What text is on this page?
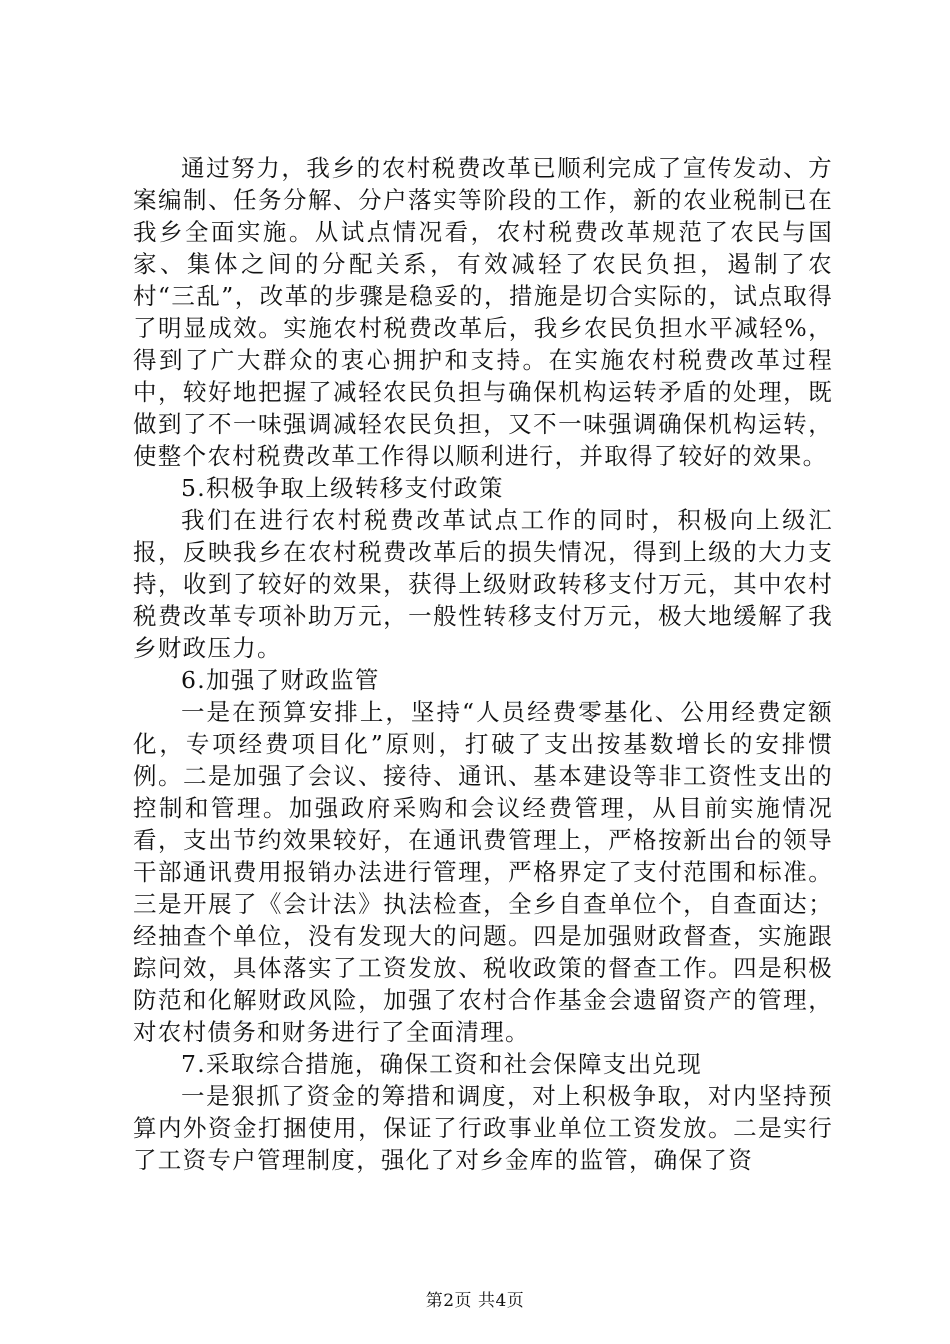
通过努力，我乡的农村税费改革已顺利完成了宣传发动、方案编制、任务分解、分户落实等阶段的工作，新的农业税制已在我乡全面实施。从试点情况看，农村税费改革规范了农民与国家、集体之间的分配关系，有效减轻了农民负担，遏制了农村“三乱”，改革的步骤是稳妥的，措施是切合实际的，试点取得了明显成效。实施农村税费改革后，我乡农民负担水平减轻%，得到了广大群众的衷心拥护和支持。在实施农村税费改革过程中，较好地把握了减轻农民负担与确保机构运转矛盾的处理，既做到了不一味强调减轻农民负担，又不一味强调确保机构运转，使整个农村税费改革工作得以顺利进行，并取得了较好的效果。

5.积极争取上级转移支付政策

我们在进行农村税费改革试点工作的同时，积极向上级汇报，反映我乡在农村税费改革后的损失情况，得到上级的大力支持，收到了较好的效果，获得上级财政转移支付万元，其中农村税费改革专项补助万元，一般性转移支付万元，极大地缓解了我乡财政压力。

6.加强了财政监管

一是在预算安排上，坚持“人员经费零基化、公用经费定额化，专项经费项目化”原则，打破了支出按基数增长的安排惯例。二是加强了会议、接待、通讯、基本建设等非工资性支出的控制和管理。加强政府采购和会议经费管理，从目前实施情况看，支出节约效果较好，在通讯费管理上，严格按新出台的领导干部通讯费用报销办法进行管理，严格界定了支付范围和标准。三是开展了《会计法》执法检查，全乡自查单位个，自查面达；经抽查个单位，没有发现大的问题。四是加强财政督查，实施跟踪问效，具体落实了工资发放、税收政策的督查工作。四是积极防范和化解财政风险，加强了农村合作基金会遗留资产的管理，对农村债务和财务进行了全面清理。

7.采取综合措施，确保工资和社会保障支出兑现

一是狠抓了资金的筹措和调度，对上积极争取，对内坚持预算内外资金打捆使用，保证了行政事业单位工资发放。二是实行了工资专户管理制度，强化了对乡金库的监管，确保了资

第2页 共4页
